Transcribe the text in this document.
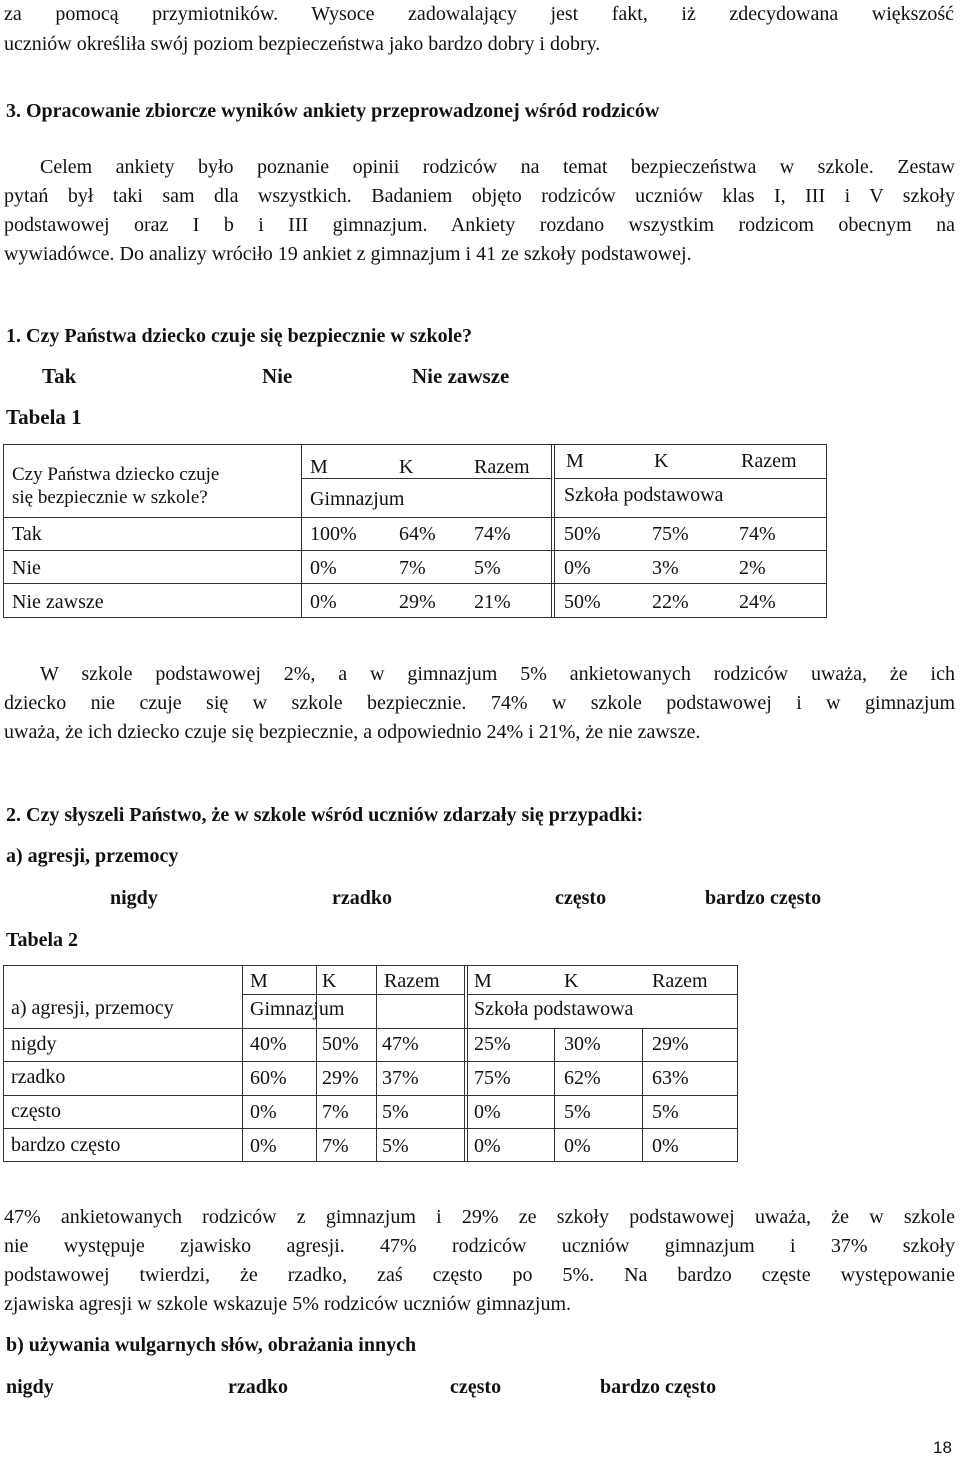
za pomocą przymiotników. Wysoce zadowalający jest fakt, iż zdecydowana większość
uczniów określiła swój poziom bezpieczeństwa jako bardzo dobry i dobry.
3. Opracowanie zbiorcze wyników ankiety przeprowadzonej wśród rodziców
Celem ankiety było poznanie opinii rodziców na temat bezpieczeństwa w szkole. Zestaw
pytań był taki sam dla wszystkich. Badaniem objęto rodziców uczniów klas I, III i V szkoły
podstawowej oraz I b i III gimnazjum. Ankiety rozdano wszystkim rodzicom obecnym na
wywiadówce. Do analizy wróciło 19 ankiet z gimnazjum i 41 ze szkoły podstawowej.
1. Czy Państwa dziecko czuje się bezpiecznie w szkole?
Tak	Nie	Nie zawsze
Tabela 1
Czy Państwa dziecko czuje
się bezpiecznie w szkole?
M	K	Razem M	K	Razem
Gimnazjum	Szkoła podstawowa
Tak	100% 64% 74%	50%	75%	74%
Nie	0%	7% 5%	0%	3%	2%
Nie zawsze	0%	29% 21%	50%	22%	24%
W szkole podstawowej 2%, a w gimnazjum 5% ankietowanych rodziców uważa, że ich
dziecko nie czuje się w szkole bezpiecznie. 74% w szkole podstawowej i w gimnazjum
uważa, że ich dziecko czuje się bezpiecznie, a odpowiednio 24% i 21%, że nie zawsze.
2. Czy słyszeli Państwo, że w szkole wśród uczniów zdarzały się przypadki:
a) agresji, przemocy
nigdy	rzadko	często	bardzo często
Tabela 2
a) agresji, przemocy
M	K Razem M	K	Razem
Gimnazjum	Szkoła podstawowa
nigdy	40% 50% 47%	25%	30%	29%
rzadko	60% 29% 37%	75%	62%	63%
często	0% 7% 5%	0%	5%	5%
bardzo często	0% 7% 5%	0%	0%	0%
47% ankietowanych rodziców z gimnazjum i 29% ze szkoły podstawowej uważa, że w szkole
nie występuje zjawisko agresji. 47% rodziców uczniów gimnazjum i 37% szkoły
podstawowej twierdzi, że rzadko, zaś często po 5%. Na bardzo częste występowanie
zjawiska agresji w szkole wskazuje 5% rodziców uczniów gimnazjum.
b) używania wulgarnych słów, obrażania innych
nigdy	rzadko	często	bardzo często
18
